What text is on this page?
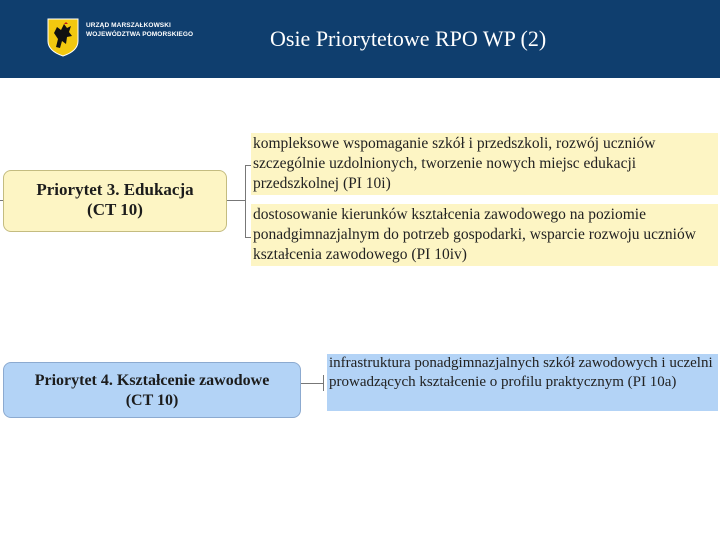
URZĄD MARSZAŁKOWSKI
WOJEWÓDZTWA POMORSKIEGO	Osie Priorytetowe RPO WP (2)
Priorytet 3. Edukacja
(CT 10)
kompleksowe wspomaganie szkół i przedszkoli, rozwój uczniów szczególnie uzdolnionych, tworzenie nowych miejsc edukacji przedszkolnej (PI 10i)
dostosowanie kierunków kształcenia zawodowego na poziomie ponadgimnazjalnym do potrzeb gospodarki, wsparcie rozwoju uczniów kształcenia zawodowego (PI 10iv)
Priorytet 4. Kształcenie zawodowe
(CT 10)
infrastruktura ponadgimnazjalnych szkół zawodowych i uczelni prowadzących kształcenie o profilu praktycznym (PI 10a)
